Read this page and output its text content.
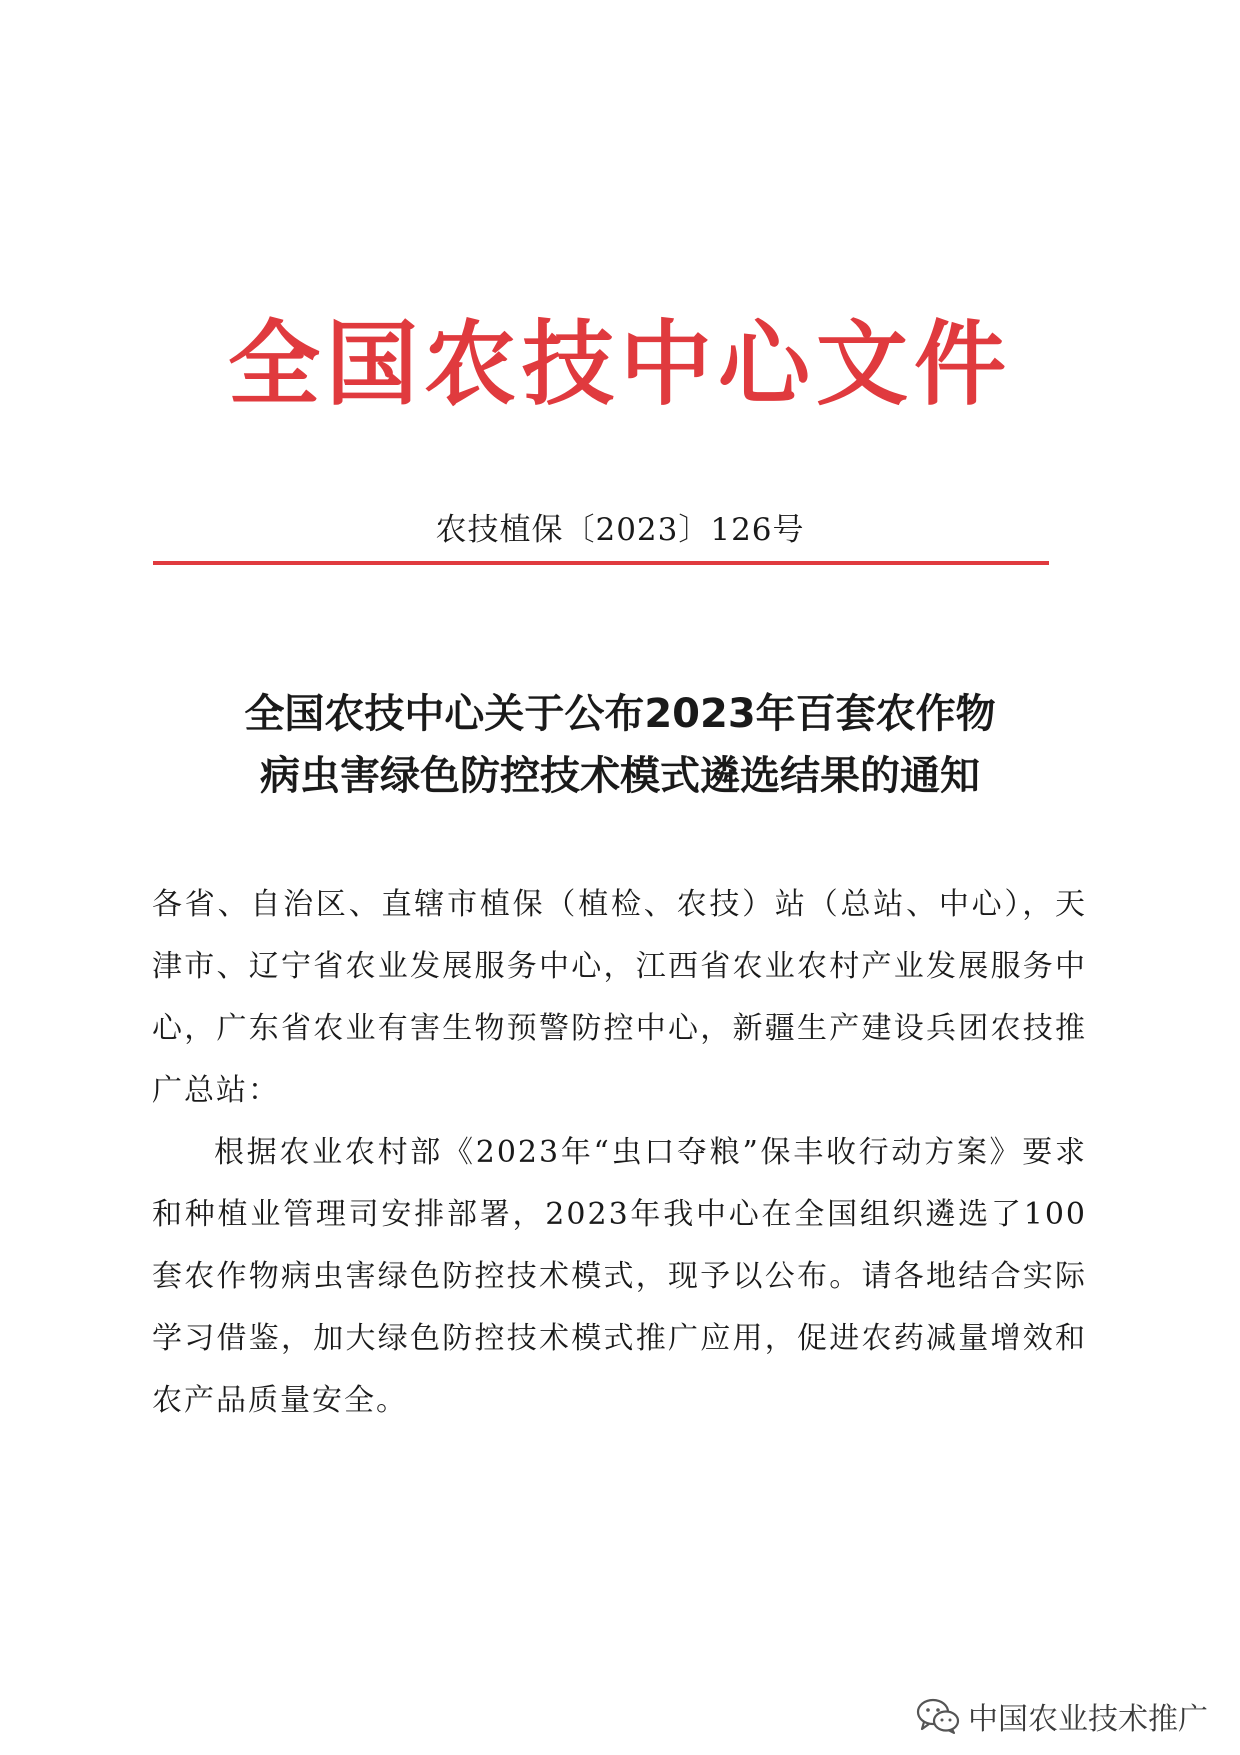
全国农技中心文件
农技植保〔2023〕126号
全国农技中心关于公布2023年百套农作物
病虫害绿色防控技术模式遴选结果的通知

各省、自治区、直辖市植保（植检、农技）站（总站、中心），天津市、辽宁省农业发展服务中心，江西省农业农村产业发展服务中心，广东省农业有害生物预警防控中心，新疆生产建设兵团农技推广总站：

根据农业农村部《2023年“虫口夺粮”保丰收行动方案》要求和种植业管理司安排部署，2023年我中心在全国组织遴选了100套农作物病虫害绿色防控技术模式，现予以公布。请各地结合实际学习借鉴，加大绿色防控技术模式推广应用，促进农药减量增效和农产品质量安全。

中国农业技术推广
